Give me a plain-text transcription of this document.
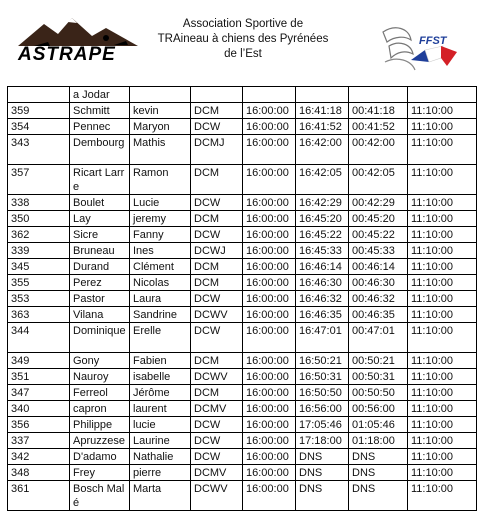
ASTRAPE
Association Sportive de
TRAineau à chiens des Pyrénées
de l’Est
FFST
	a Jodar						
359	Schmitt	kevin	DCM	16:00:00	16:41:18	00:41:18	11:10:00
354	Pennec	Maryon	DCW	16:00:00	16:41:52	00:41:52	11:10:00
343	Dembourg	Mathis	DCMJ	16:00:00	16:42:00	00:42:00	11:10:00
357	Ricart Larre	Ramon	DCM	16:00:00	16:42:05	00:42:05	11:10:00
338	Boulet	Lucie	DCW	16:00:00	16:42:29	00:42:29	11:10:00
350	Lay	jeremy	DCM	16:00:00	16:45:20	00:45:20	11:10:00
362	Sicre	Fanny	DCW	16:00:00	16:45:22	00:45:22	11:10:00
339	Bruneau	Ines	DCWJ	16:00:00	16:45:33	00:45:33	11:10:00
345	Durand	Clément	DCM	16:00:00	16:46:14	00:46:14	11:10:00
355	Perez	Nicolas	DCM	16:00:00	16:46:30	00:46:30	11:10:00
353	Pastor	Laura	DCW	16:00:00	16:46:32	00:46:32	11:10:00
363	Vilana	Sandrine	DCWV	16:00:00	16:46:35	00:46:35	11:10:00
344	Dominique	Erelle	DCW	16:00:00	16:47:01	00:47:01	11:10:00
349	Gony	Fabien	DCM	16:00:00	16:50:21	00:50:21	11:10:00
351	Nauroy	isabelle	DCWV	16:00:00	16:50:31	00:50:31	11:10:00
347	Ferreol	Jérôme	DCM	16:00:00	16:50:50	00:50:50	11:10:00
340	capron	laurent	DCMV	16:00:00	16:56:00	00:56:00	11:10:00
356	Philippe	lucie	DCW	16:00:00	17:05:46	01:05:46	11:10:00
337	Apruzzese	Laurine	DCW	16:00:00	17:18:00	01:18:00	11:10:00
342	D'adamo	Nathalie	DCW	16:00:00	DNS	DNS	11:10:00
348	Frey	pierre	DCMV	16:00:00	DNS	DNS	11:10:00
361	Bosch Malé	Marta	DCWV	16:00:00	DNS	DNS	11:10:00
